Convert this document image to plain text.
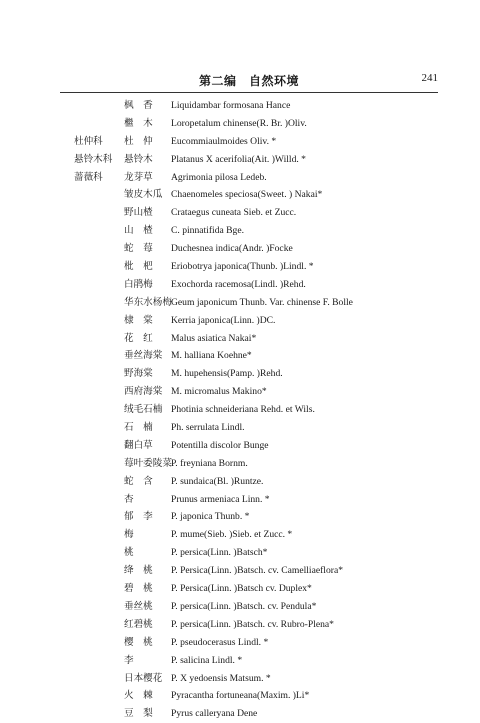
第二编　自然环境	241
枫　香 Liquidambar formosana Hance
檵　木 Loropetalum chinense(R. Br. )Oliv.
杜仲科 杜　仲 Eucommiaulmoides Oliv. *
悬铃木科 悬铃木 Platanus X acerifolia(Ait. )Willd. *
蔷薇科 龙芽草 Agrimonia pilosa Ledeb.
皱皮木瓜 Chaenomeles speciosa(Sweet. ) Nakai*
野山楂 Crataegus cuneata Sieb. et Zucc.
山　楂 C. pinnatifida Bge.
蛇　莓 Duchesnea indica(Andr. )Focke
枇　杷 Eriobotrya japonica(Thunb. )Lindl. *
白鹃梅 Exochorda racemosa(Lindl. )Rehd.
华东水杨梅 Geum japonicum Thunb. Var. chinense F. Bolle
棣　棠 Kerria japonica(Linn. )DC.
花　红 Malus asiatica Nakai*
垂丝海棠 M. halliana Koehne*
野海棠 M. hupehensis(Pamp. )Rehd.
西府海棠 M. micromalus Makino*
绒毛石楠 Photinia schneideriana Rehd. et Wils.
石　楠 Ph. serrulata Lindl.
翻白草 Potentilla discolor Bunge
莓叶委陵菜 P. freyniana Bornm.
蛇　含 P. sundaica(Bl. )Runtze.
杏	Prunus armeniaca Linn. *
郁　李 P. japonica Thunb. *
梅	P. mume(Sieb. )Sieb. et Zucc. *
桃	P. persica(Linn. )Batsch*
绛　桃 P. Persica(Linn. )Batsch. cv. Camelliaeflora*
碧　桃 P. Persica(Linn. )Batsch cv. Duplex*
垂丝桃 P. persica(Linn. )Batsch. cv. Pendula*
红碧桃 P. persica(Linn. )Batsch. cv. Rubro-Plena*
樱　桃 P. pseudocerasus Lindl. *
李	P. salicina Lindl. *
日本樱花 P. X yedoensis Matsum. *
火　棘 Pyracantha fortuneana(Maxim. )Li*
豆　梨 Pyrus calleryana Dene
